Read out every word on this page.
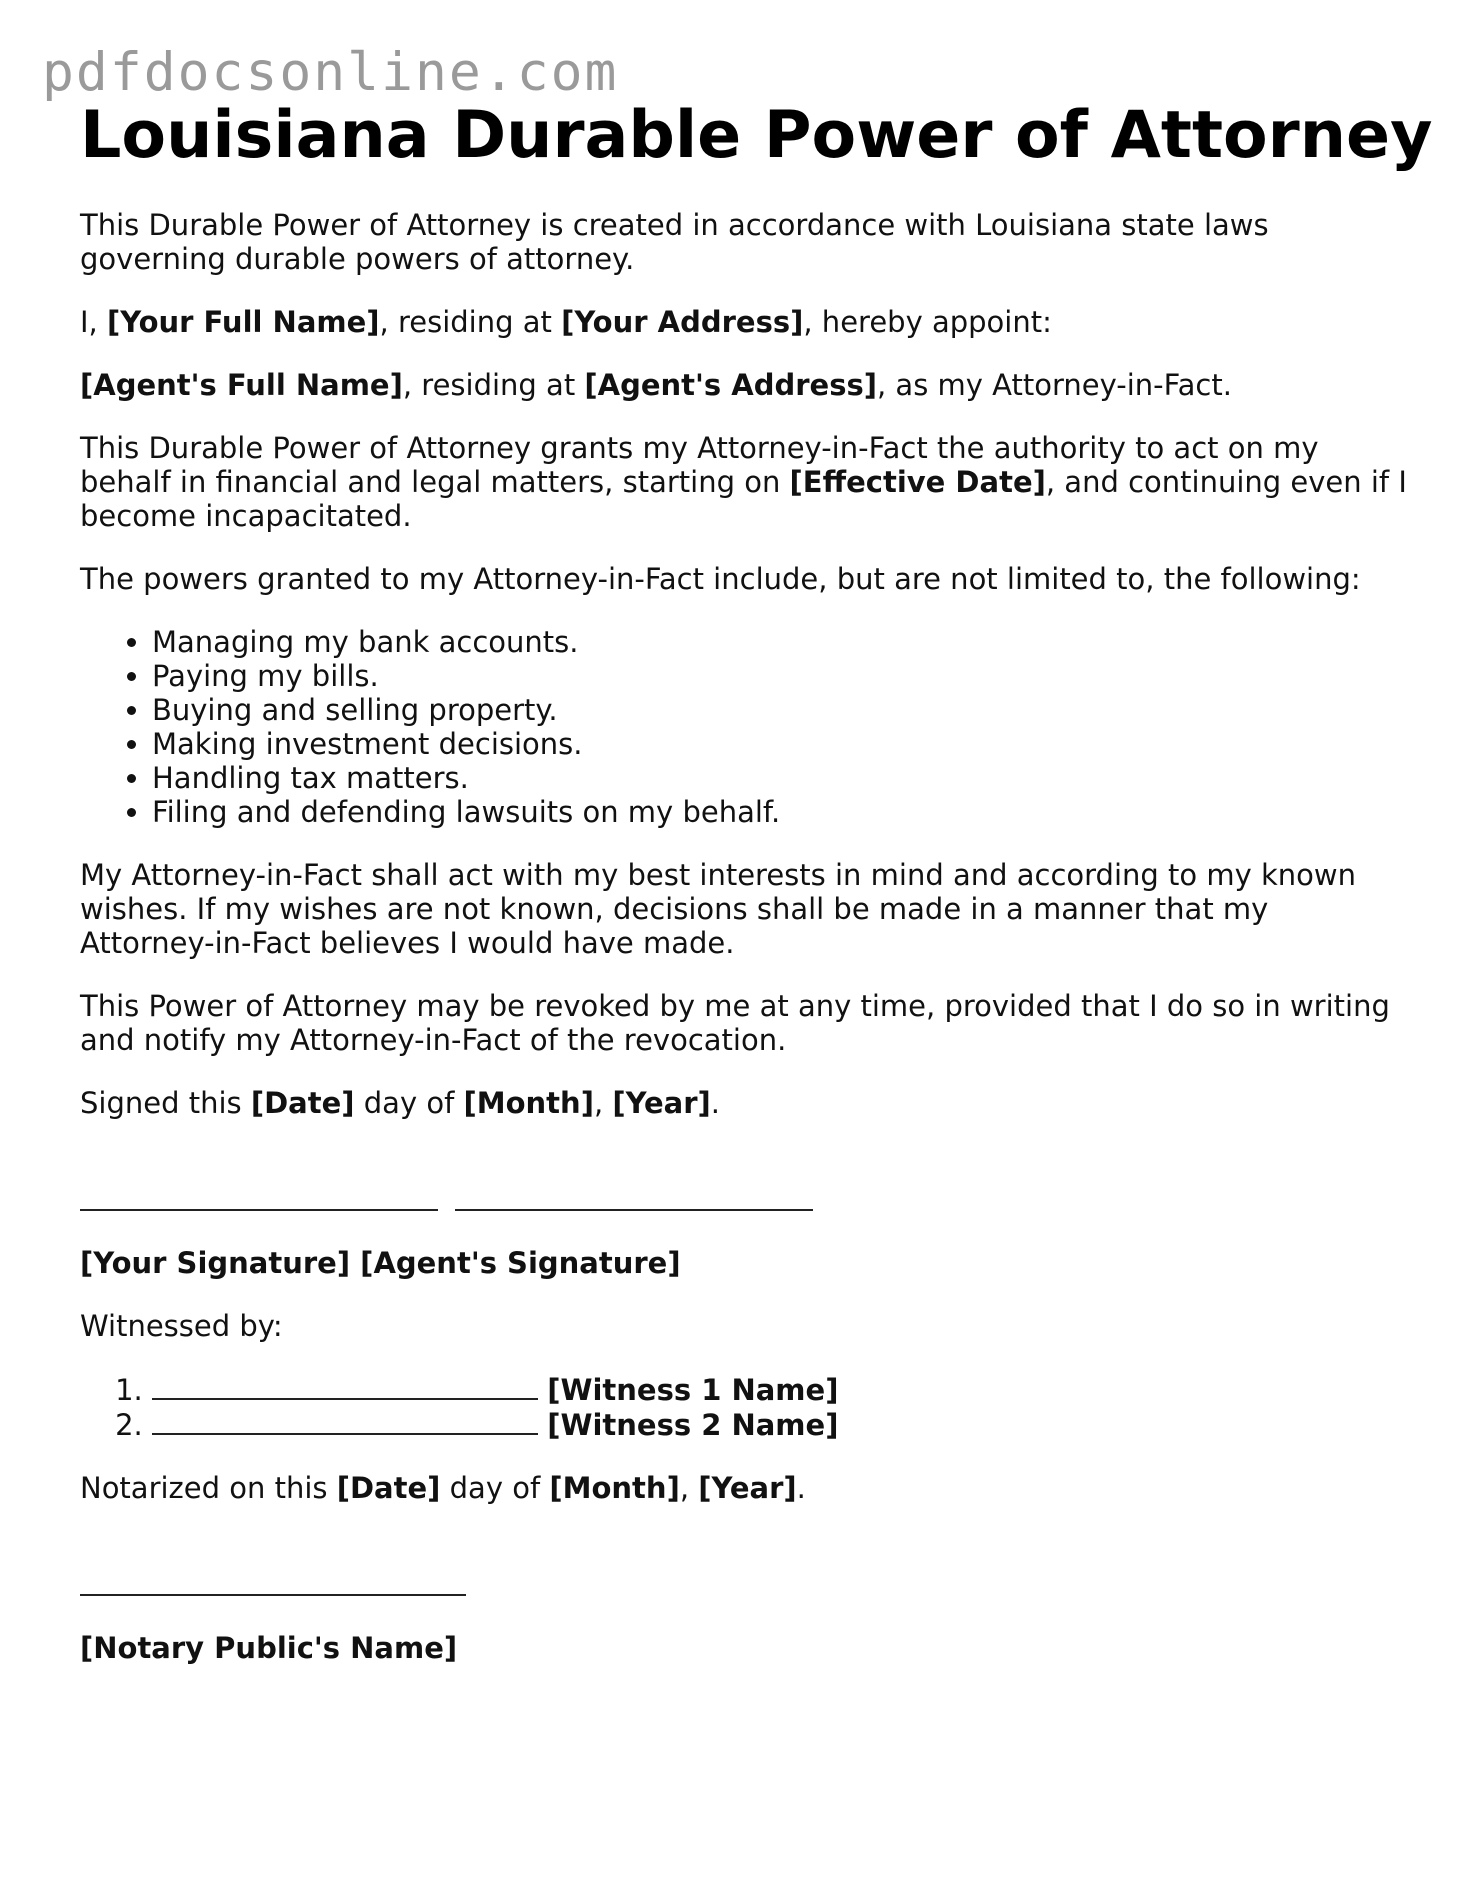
pdfdocsonline.com
Louisiana Durable Power of Attorney

This Durable Power of Attorney is created in accordance with Louisiana state laws governing durable powers of attorney.

I, [Your Full Name], residing at [Your Address], hereby appoint:

[Agent's Full Name], residing at [Agent's Address], as my Attorney-in-Fact.

This Durable Power of Attorney grants my Attorney-in-Fact the authority to act on my behalf in financial and legal matters, starting on [Effective Date], and continuing even if I become incapacitated.

The powers granted to my Attorney-in-Fact include, but are not limited to, the following:

• Managing my bank accounts.
• Paying my bills.
• Buying and selling property.
• Making investment decisions.
• Handling tax matters.
• Filing and defending lawsuits on my behalf.

My Attorney-in-Fact shall act with my best interests in mind and according to my known wishes. If my wishes are not known, decisions shall be made in a manner that my Attorney-in-Fact believes I would have made.

This Power of Attorney may be revoked by me at any time, provided that I do so in writing and notify my Attorney-in-Fact of the revocation.

Signed this [Date] day of [Month], [Year].

[Your Signature] [Agent's Signature]

Witnessed by:

1. [Witness 1 Name]
2. [Witness 2 Name]

Notarized on this [Date] day of [Month], [Year].

[Notary Public's Name]
